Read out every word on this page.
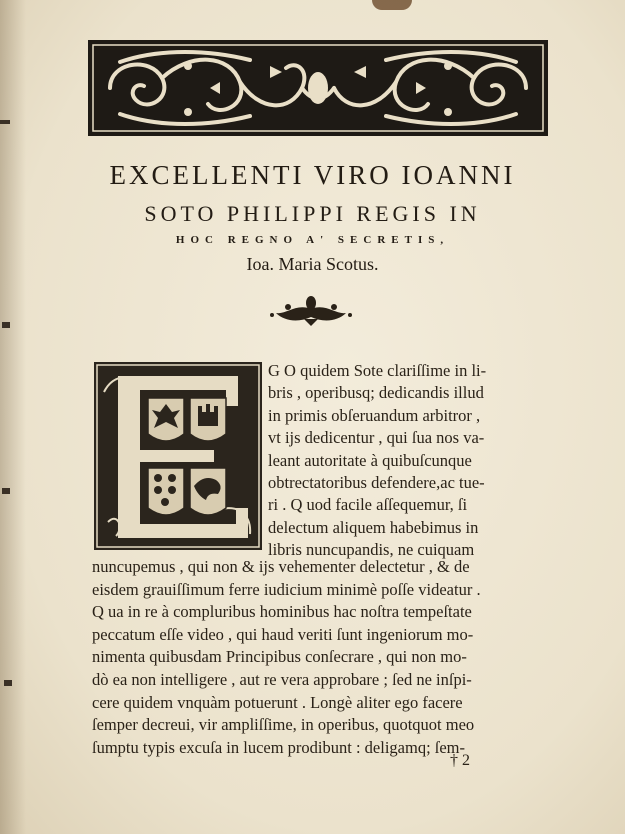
EXCELLENTI VIRO IOANNI
SOTO PHILIPPI REGIS IN
HOC REGNO A' SECRETIS,
Ioa. Maria Scotus.
G O quidem Sote clariſſime in li-
bris , operibusq; dedicandis illud
in primis obſeruandum arbitror ,
vt ijs dedicentur , qui ſua nos va-
leant autoritate à quibuſcunque
obtrectatoribus defendere,ac tue-
ri . Q uod facile aſſequemur, ſi
delectum aliquem habebimus in
libris nuncupandis, ne cuiquam
nuncupemus , qui non & ijs vehementer delectetur , & de
eisdem grauiſſimum ferre iudicium minimè poſſe videatur .
Q ua in re à compluribus hominibus hac noſtra tempeſtate
peccatum eſſe video , qui haud veriti ſunt ingeniorum mo-
nimenta quibusdam Principibus conſecrare , qui non mo-
dò ea non intelligere , aut re vera approbare ; ſed ne inſpi-
cere quidem vnquàm potuerunt . Longè aliter ego facere
ſemper decreui, vir ampliſſime, in operibus, quotquot meo
ſumptu typis excuſa in lucem prodibunt : deligamq; ſem-
† 2
